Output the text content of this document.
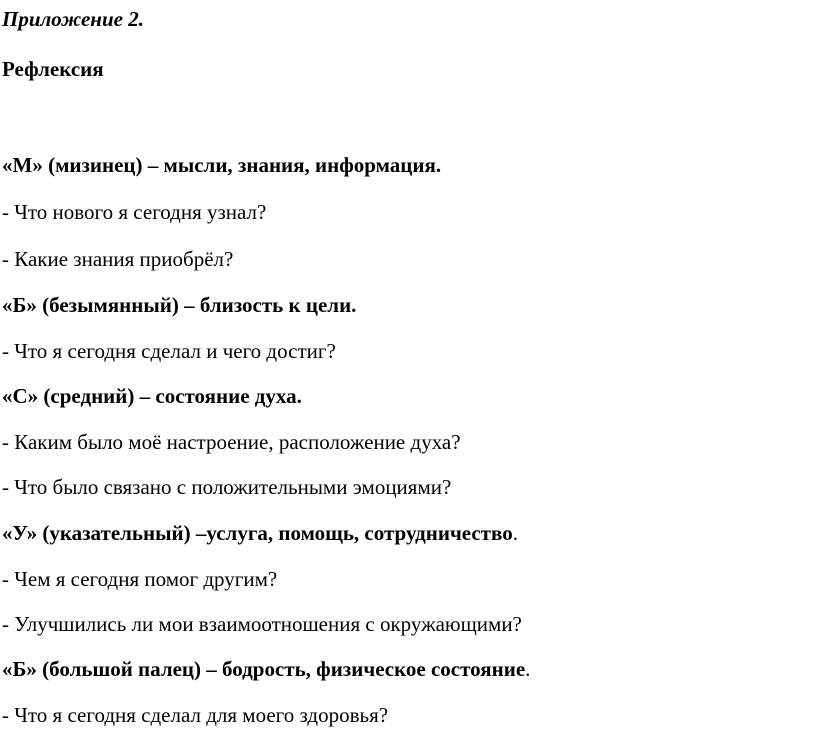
Приложение 2.
Рефлексия
«М» (мизинец) – мысли, знания, информация.
- Что нового я сегодня узнал?
- Какие знания приобрёл?
«Б» (безымянный) – близость к цели.
- Что я сегодня сделал и чего достиг?
«С» (средний) – состояние духа.
- Каким было моё настроение, расположение духа?
- Что было связано с положительными эмоциями?
«У» (указательный) –услуга, помощь, сотрудничество.
- Чем я сегодня помог другим?
- Улучшились ли мои взаимоотношения с окружающими?
«Б» (большой палец) – бодрость, физическое состояние.
- Что я сегодня сделал для моего здоровья?
